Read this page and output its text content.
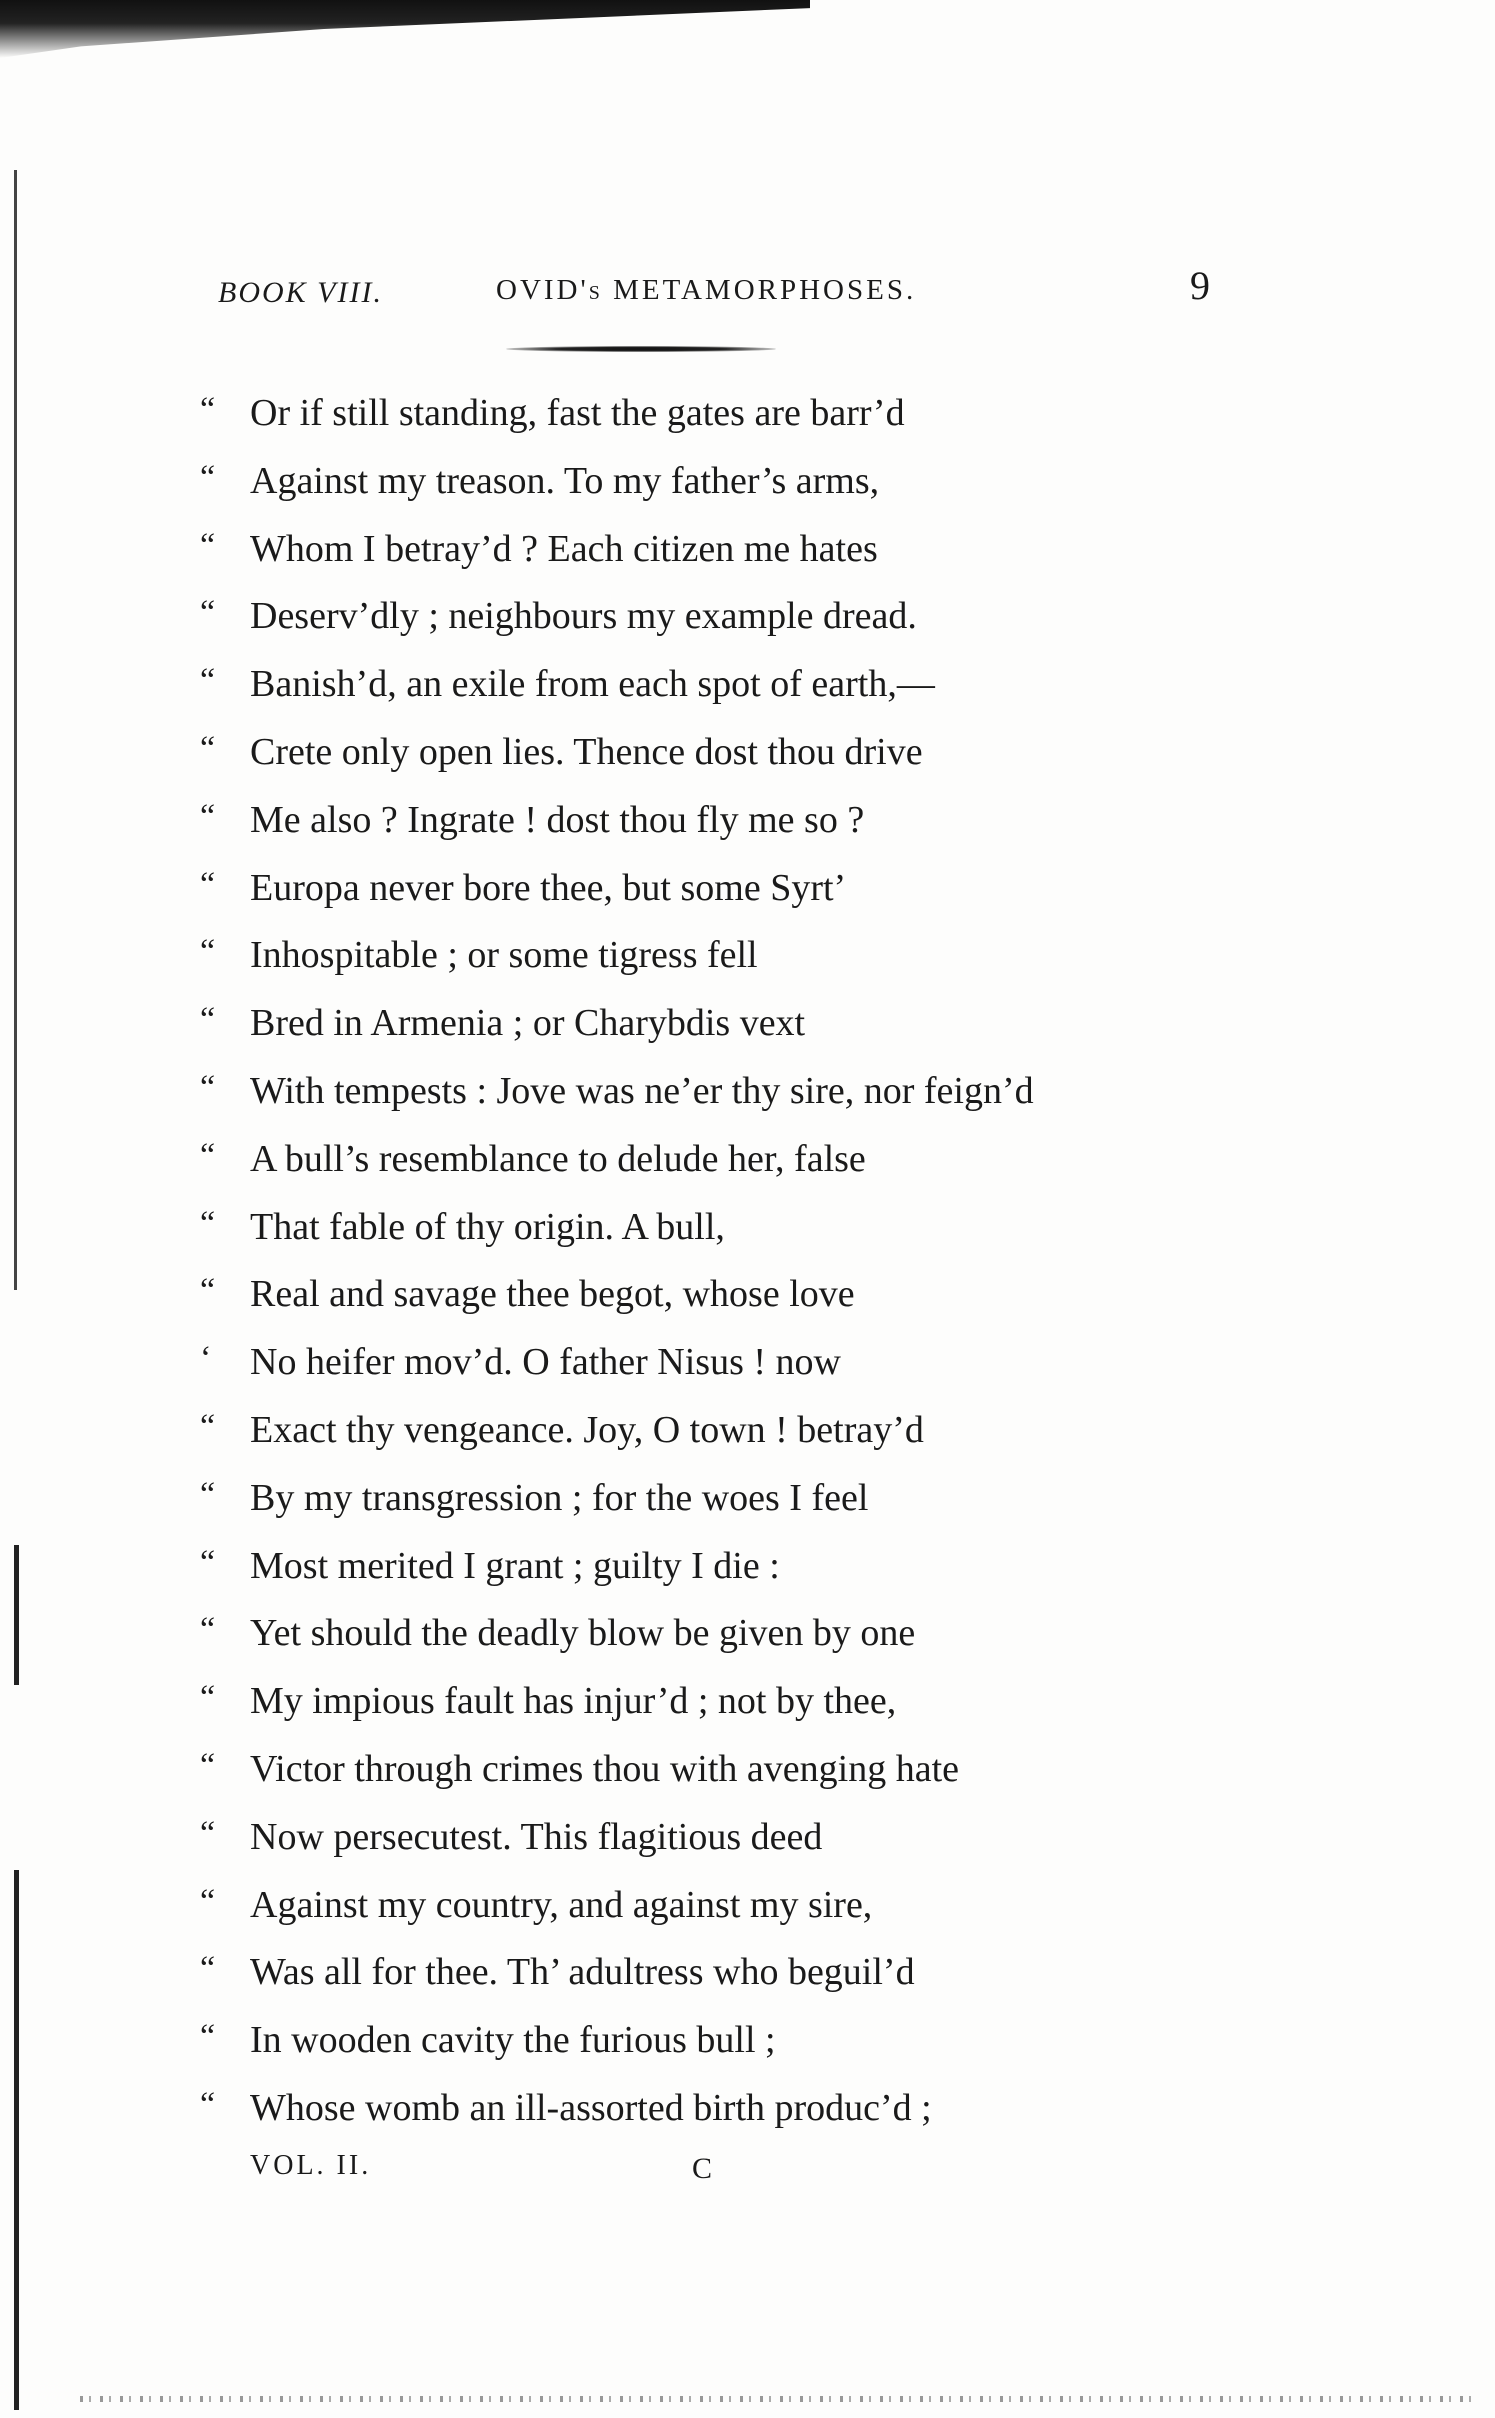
BOOK VIII.	OVID's METAMORPHOSES.	9
“ Or if still standing, fast the gates are barr’d
“ Against my treason. To my father’s arms,
“ Whom I betray’d ? Each citizen me hates
“ Deserv’dly ; neighbours my example dread.
“ Banish’d, an exile from each spot of earth,—
“ Crete only open lies. Thence dost thou drive
“ Me also ? Ingrate ! dost thou fly me so ?
“ Europa never bore thee, but some Syrt’
“ Inhospitable ; or some tigress fell
“ Bred in Armenia ; or Charybdis vext
“ With tempests : Jove was ne’er thy sire, nor feign’d
“ A bull’s resemblance to delude her, false
“ That fable of thy origin. A bull,
“ Real and savage thee begot, whose love
‘ No heifer mov’d. O father Nisus ! now
“ Exact thy vengeance. Joy, O town ! betray’d
“ By my transgression ; for the woes I feel
“ Most merited I grant ; guilty I die :
“ Yet should the deadly blow be given by one
“ My impious fault has injur’d ; not by thee,
“ Victor through crimes thou with avenging hate
“ Now persecutest. This flagitious deed
“ Against my country, and against my sire,
“ Was all for thee. Th’ adultress who beguil’d
“ In wooden cavity the furious bull ;
“ Whose womb an ill-assorted birth produc’d ;
VOL. II.	C
